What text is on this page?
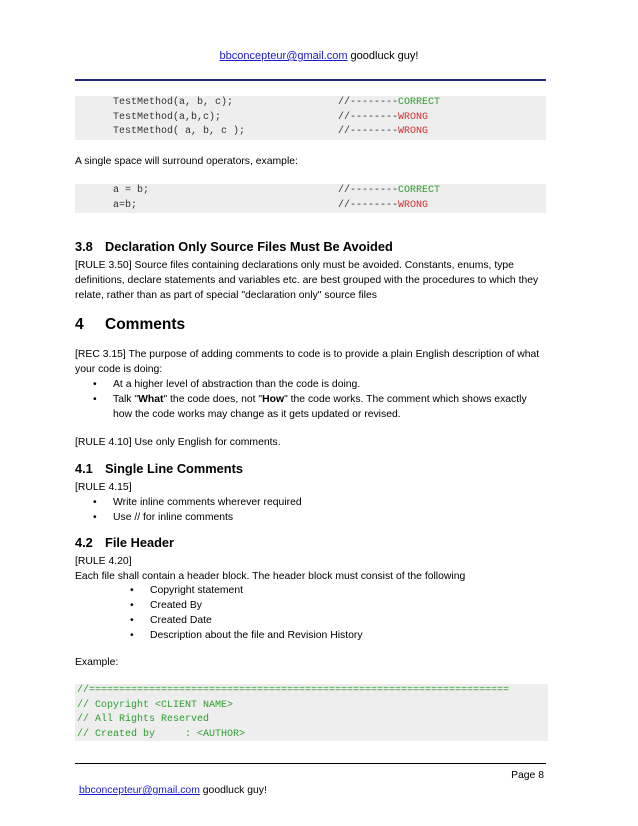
bbconcepteur@gmail.com goodluck guy!
TestMethod(a, b, c);	//--------CORRECT
TestMethod(a,b,c);	//--------WRONG
TestMethod( a, b, c );	//--------WRONG
A single space will surround operators, example:
a = b;	//--------CORRECT
a=b;	//--------WRONG
3.8 Declaration Only Source Files Must Be Avoided
[RULE 3.50] Source files containing declarations only must be avoided. Constants, enums, type definitions, declare statements and variables etc. are best grouped with the procedures to which they relate, rather than as part of special "declaration only" source files
4 Comments
[REC 3.15] The purpose of adding comments to code is to provide a plain English description of what your code is doing:
• At a higher level of abstraction than the code is doing.
• Talk "What" the code does, not "How" the code works. The comment which shows exactly how the code works may change as it gets updated or revised.
[RULE 4.10] Use only English for comments.
4.1 Single Line Comments
[RULE 4.15]
• Write inline comments wherever required
• Use // for inline comments
4.2 File Header
[RULE 4.20]
Each file shall contain a header block. The header block must consist of the following
• Copyright statement
• Created By
• Created Date
• Description about the file and Revision History
Example:
//======================================================================
// Copyright <CLIENT NAME>
// All Rights Reserved
// Created by     : <AUTHOR>
Page 8
bbconcepteur@gmail.com goodluck guy!
